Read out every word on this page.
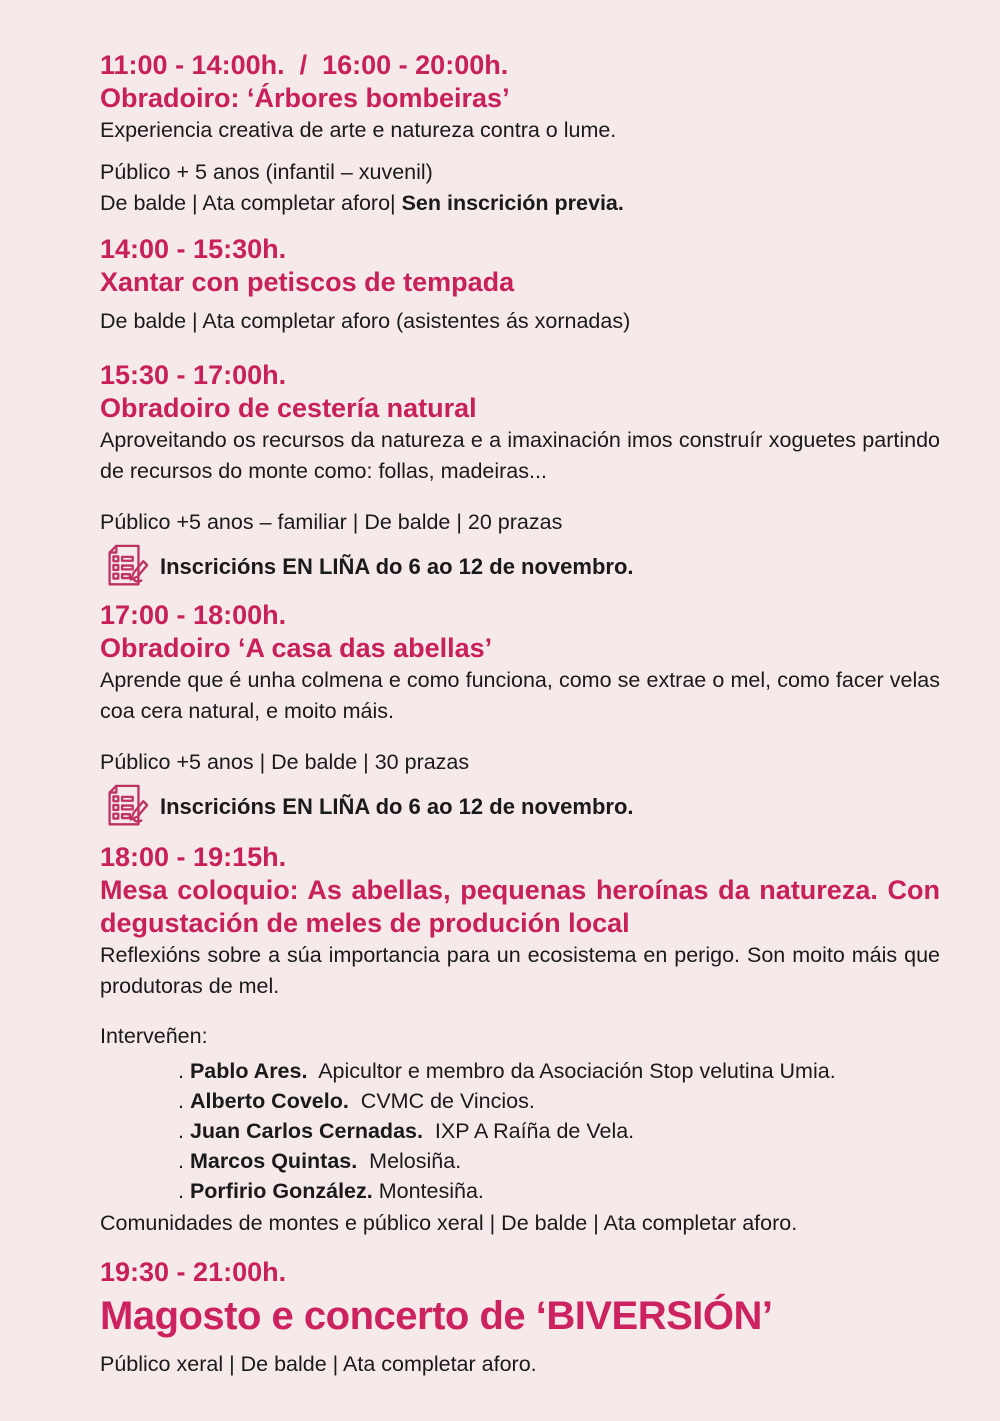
11:00 - 14:00h.  /  16:00 - 20:00h.
Obradoiro: ‘Árbores bombeiras’

Experiencia creativa de arte e natureza contra o lume.

Público + 5 anos (infantil – xuvenil)

De balde | Ata completar aforo| Sen inscrición previa.

14:00 - 15:30h.
Xantar con petiscos de tempada

De balde | Ata completar aforo (asistentes ás xornadas)

15:30 - 17:00h.
Obradoiro de cestería natural

Aproveitando os recursos da natureza e a imaxinación imos construír xoguetes partindo de recursos do monte como: follas, madeiras...

Público +5 anos – familiar | De balde | 20 prazas

Inscricións EN LIÑA do 6 ao 12 de novembro.
17:00 - 18:00h.
Obradoiro ‘A casa das abellas’

Aprende que é unha colmena e como funciona, como se extrae o mel, como facer velas coa cera natural, e moito máis.

Público +5 anos | De balde | 30 prazas

Inscricións EN LIÑA do 6 ao 12 de novembro.
18:00 - 19:15h.
Mesa coloquio: As abellas, pequenas heroínas da natureza. Con degustación de meles de produción local

Reflexións sobre a súa importancia para un ecosistema en perigo. Son moito máis que produtoras de mel.

Interveñen:

. Pablo Ares.  Apicultor e membro da Asociación Stop velutina Umia.
. Alberto Covelo.  CVMC de Vincios.
. Juan Carlos Cernadas.  IXP A Raíña de Vela.
. Marcos Quintas.  Melosiña.
. Porfirio González. Montesiña.

Comunidades de montes e público xeral | De balde | Ata completar aforo.

19:30 - 21:00h.
Magosto e concerto de ‘BIVERSIÓN’

Público xeral | De balde | Ata completar aforo.
